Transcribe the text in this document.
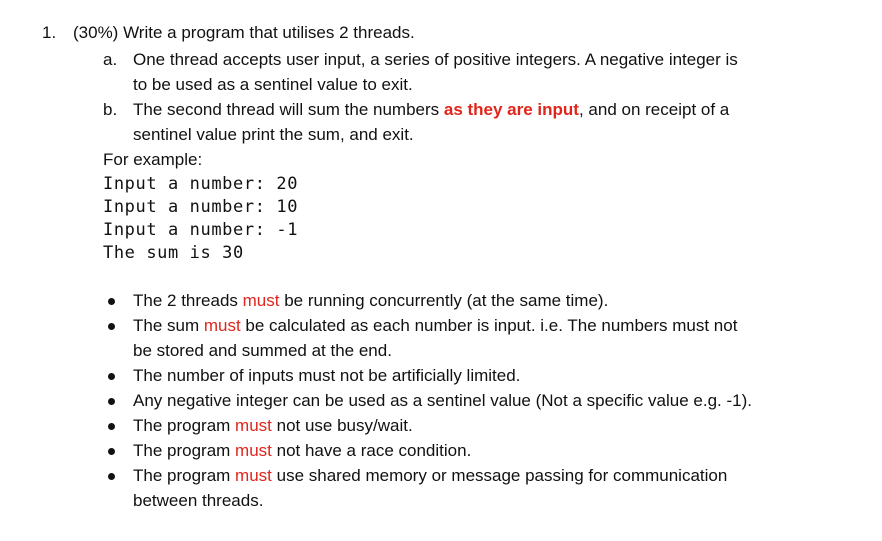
1. (30%) Write a program that utilises 2 threads.
a. One thread accepts user input, a series of positive integers. A negative integer is
to be used as a sentinel value to exit.
b. The second thread will sum the numbers as they are input, and on receipt of a
sentinel value print the sum, and exit.
For example:
Input a number: 20
Input a number: 10
Input a number: -1
The sum is 30
The 2 threads must be running concurrently (at the same time).
The sum must be calculated as each number is input. i.e. The numbers must not
be stored and summed at the end.
The number of inputs must not be artificially limited.
Any negative integer can be used as a sentinel value (Not a specific value e.g. -1).
The program must not use busy/wait.
The program must not have a race condition.
The program must use shared memory or message passing for communication
between threads.
